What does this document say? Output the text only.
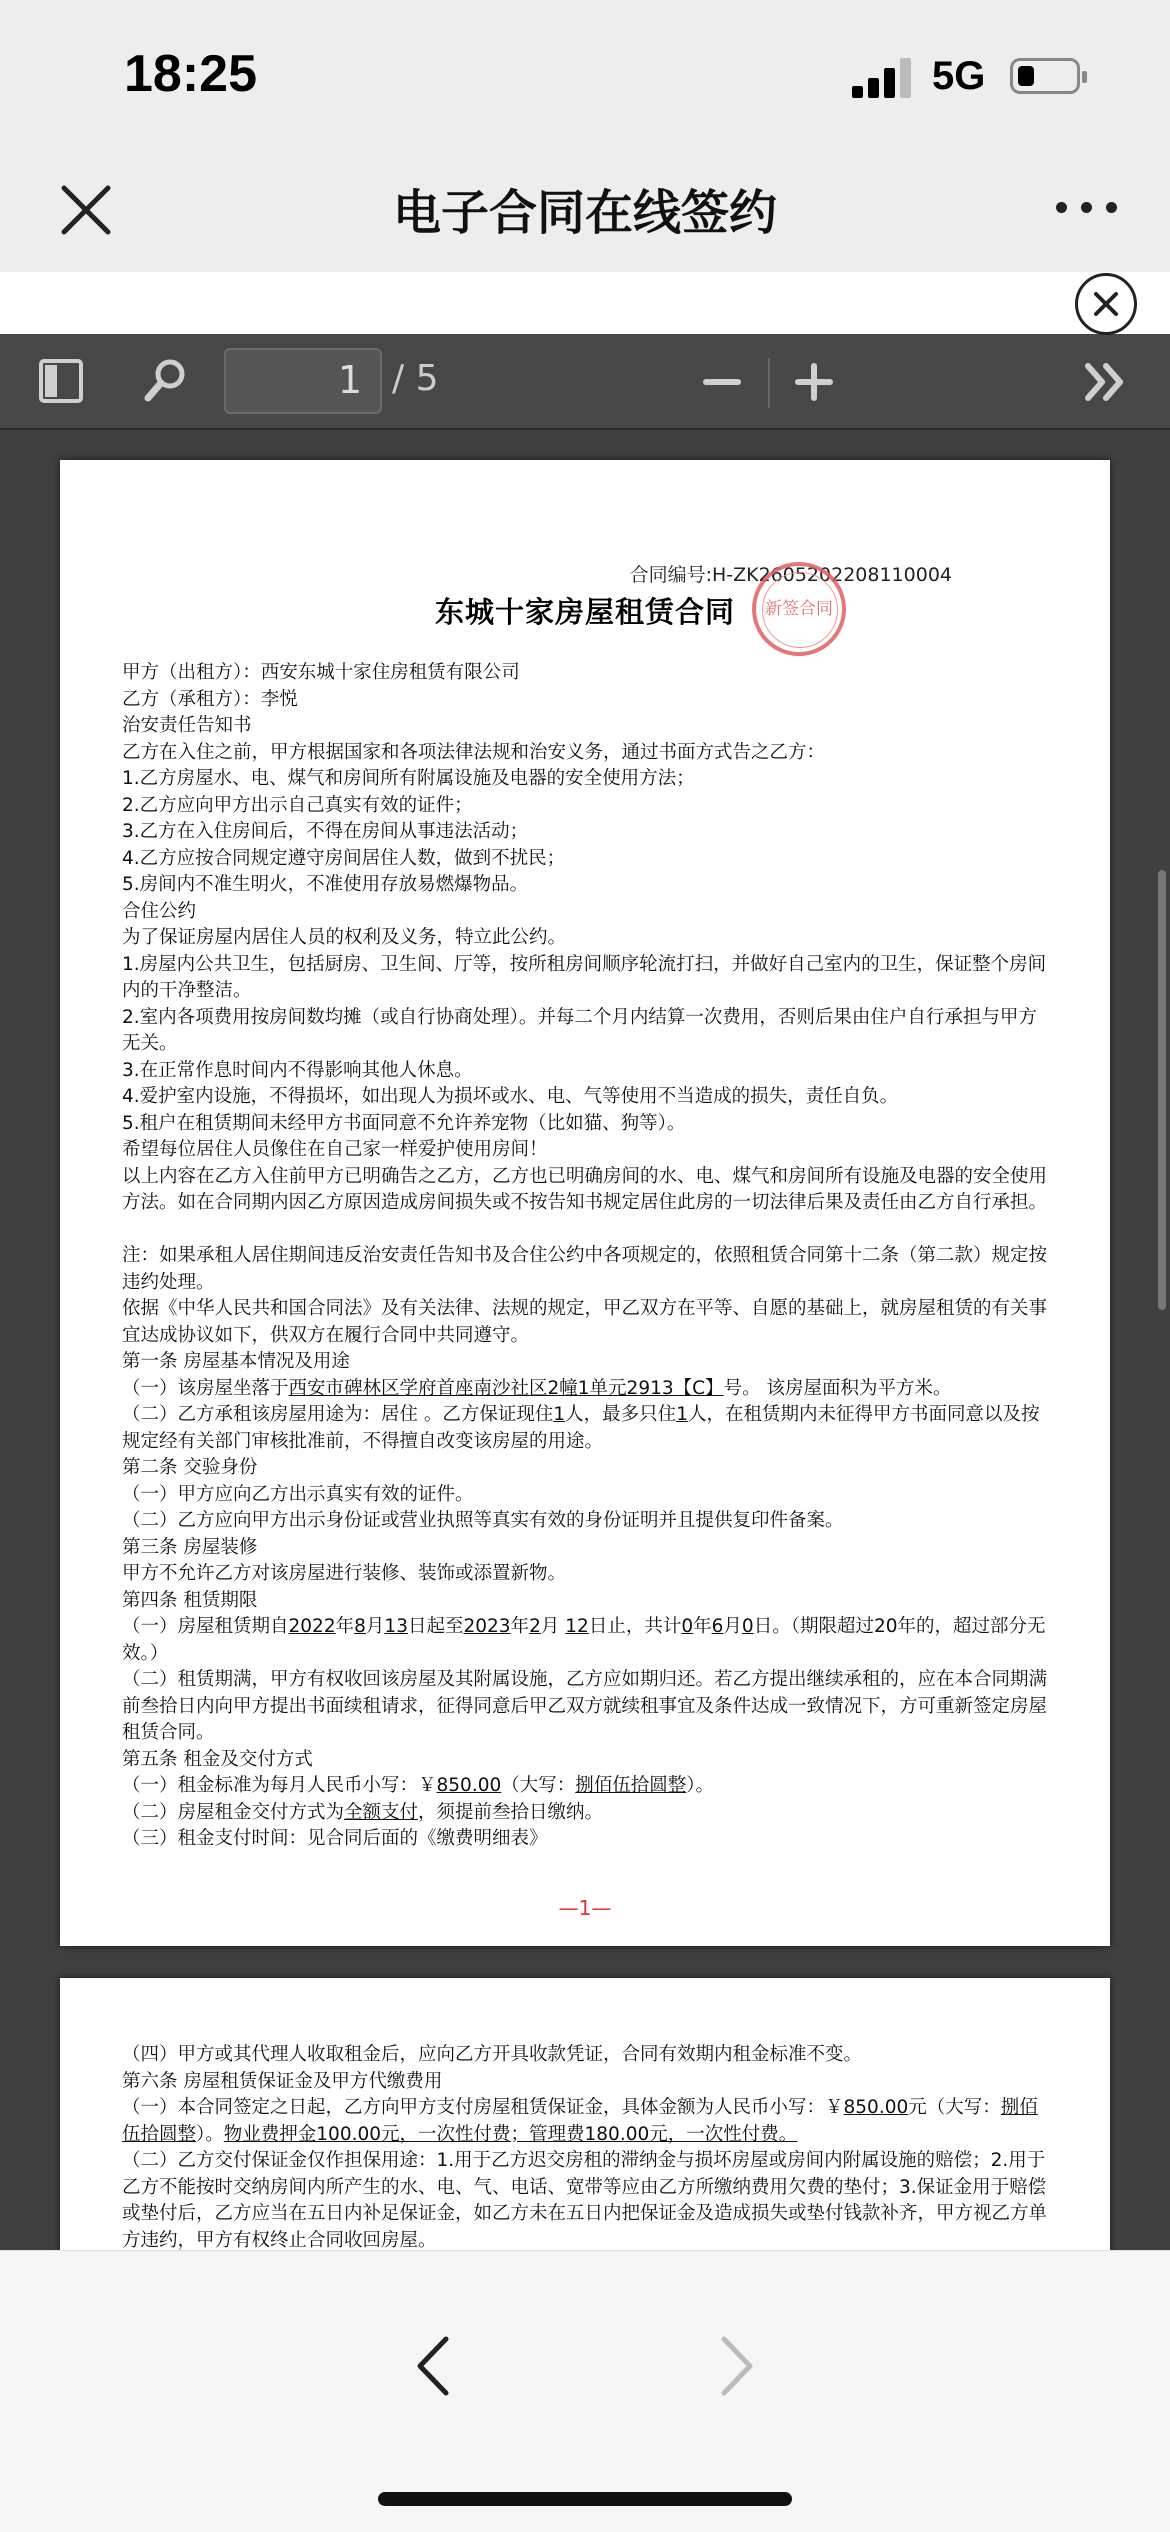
18:25	5G
电子合同在线签约
1 / 5
合同编号:H-ZK2605202208110004
东城十家房屋租赁合同	新签合同

甲方（出租方）：西安东城十家住房租赁有限公司

乙方（承租方）：李悦

治安责任告知书

乙方在入住之前，甲方根据国家和各项法律法规和治安义务，通过书面方式告之乙方：

1.乙方房屋水、电、煤气和房间所有附属设施及电器的安全使用方法；

2.乙方应向甲方出示自己真实有效的证件；

3.乙方在入住房间后，不得在房间从事违法活动；

4.乙方应按合同规定遵守房间居住人数，做到不扰民；

5.房间内不准生明火，不准使用存放易燃爆物品。

合住公约

为了保证房屋内居住人员的权利及义务，特立此公约。

1.房屋内公共卫生，包括厨房、卫生间、厅等，按所租房间顺序轮流打扫，并做好自己室内的卫生，保证整个房间内的干净整洁。

2.室内各项费用按房间数均摊（或自行协商处理）。并每二个月内结算一次费用，否则后果由住户自行承担与甲方无关。

3.在正常作息时间内不得影响其他人休息。

4.爱护室内设施，不得损坏，如出现人为损坏或水、电、气等使用不当造成的损失，责任自负。

5.租户在租赁期间未经甲方书面同意不允许养宠物（比如猫、狗等）。

希望每位居住人员像住在自己家一样爱护使用房间！

以上内容在乙方入住前甲方已明确告之乙方，乙方也已明确房间的水、电、煤气和房间所有设施及电器的安全使用方法。如在合同期内因乙方原因造成房间损失或不按告知书规定居住此房的一切法律后果及责任由乙方自行承担。

注：如果承租人居住期间违反治安责任告知书及合住公约中各项规定的，依照租赁合同第十二条（第二款）规定按违约处理。

依据《中华人民共和国合同法》及有关法律、法规的规定，甲乙双方在平等、自愿的基础上，就房屋租赁的有关事宜达成协议如下，供双方在履行合同中共同遵守。

第一条 房屋基本情况及用途

（一）该房屋坐落于西安市碑林区学府首座南沙社区2幢1单元2913【C】号。 该房屋面积为平方米。

（二）乙方承租该房屋用途为：居住 。乙方保证现住1人，最多只住1人，在租赁期内未征得甲方书面同意以及按规定经有关部门审核批准前，不得擅自改变该房屋的用途。

第二条 交验身份

（一）甲方应向乙方出示真实有效的证件。

（二）乙方应向甲方出示身份证或营业执照等真实有效的身份证明并且提供复印件备案。

第三条 房屋装修

甲方不允许乙方对该房屋进行装修、装饰或添置新物。

第四条 租赁期限

（一）房屋租赁期自2022年8月13日起至2023年2月 12日止，共计0年6月0日。（期限超过20年的，超过部分无效。）

（二）租赁期满，甲方有权收回该房屋及其附属设施，乙方应如期归还。若乙方提出继续承租的，应在本合同期满前叁拾日内向甲方提出书面续租请求，征得同意后甲乙双方就续租事宜及条件达成一致情况下，方可重新签定房屋租赁合同。

第五条 租金及交付方式

（一）租金标准为每月人民币小写：￥850.00（大写：捌佰伍拾圆整）。

（二）房屋租金交付方式为全额支付，须提前叁拾日缴纳。

（三）租金支付时间：见合同后面的《缴费明细表》

—1—

（四）甲方或其代理人收取租金后，应向乙方开具收款凭证，合同有效期内租金标准不变。

第六条 房屋租赁保证金及甲方代缴费用

（一）本合同签定之日起，乙方向甲方支付房屋租赁保证金，具体金额为人民币小写：￥850.00元（大写：捌佰伍拾圆整）。物业费押金100.00元，一次性付费；管理费180.00元，一次性付费。

（二）乙方交付保证金仅作担保用途：1.用于乙方迟交房租的滞纳金与损坏房屋或房间内附属设施的赔偿；2.用于乙方不能按时交纳房间内所产生的水、电、气、电话、宽带等应由乙方所缴纳费用欠费的垫付；3.保证金用于赔偿或垫付后，乙方应当在五日内补足保证金，如乙方未在五日内把保证金及造成损失或垫付钱款补齐，甲方视乙方单方违约，甲方有权终止合同收回房屋。
